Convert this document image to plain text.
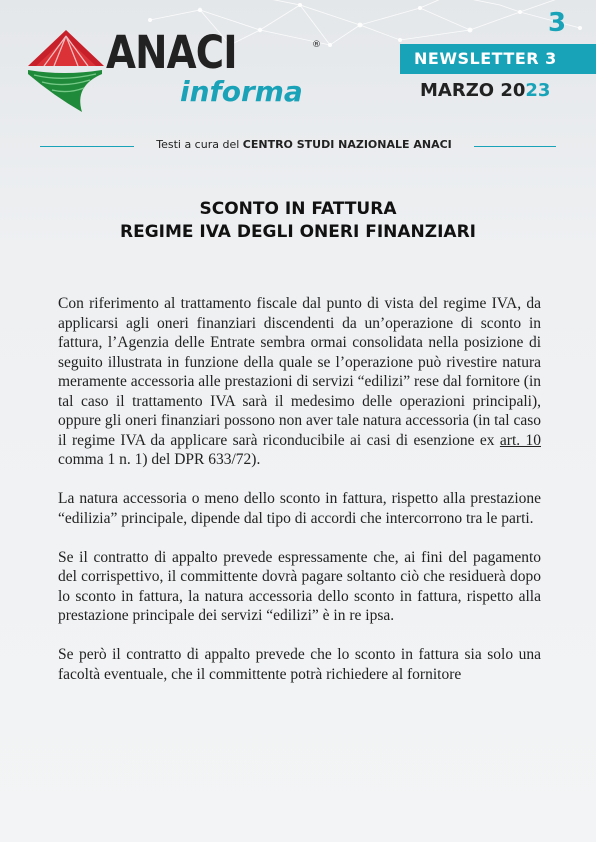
ANACI	®
informa
3
NEWSLETTER 3
MARZO 2023
Testi a cura del CENTRO STUDI NAZIONALE ANACI
SCONTO IN FATTURA
REGIME IVA DEGLI ONERI FINANZIARI

Con riferimento al trattamento fiscale dal punto di vista del regime IVA, da applicarsi agli oneri finanziari discendenti da un’operazione di sconto in fattura, l’Agenzia delle Entrate sembra ormai consolidata nella posizione di seguito illustrata in funzione della quale se l’operazione può rivestire natura meramente accessoria alle prestazioni di servizi “edilizi” rese dal fornitore (in tal caso il trattamento IVA sarà il medesimo delle operazioni principali), oppure gli oneri finanziari possono non aver tale natura accessoria (in tal caso il regime IVA da applicare sarà riconducibile ai casi di esenzione ex art. 10 comma 1 n. 1) del DPR 633/72).

La natura accessoria o meno dello sconto in fattura, rispetto alla prestazione “edilizia” principale, dipende dal tipo di accordi che intercorrono tra le parti.

Se il contratto di appalto prevede espressamente che, ai fini del pagamento del corrispettivo, il committente dovrà pagare soltanto ciò che residuerà dopo lo sconto in fattura, la natura accessoria dello sconto in fattura, rispetto alla prestazione principale dei servizi “edilizi” è in re ipsa.

Se però il contratto di appalto prevede che lo sconto in fattura sia solo una facoltà eventuale, che il committente potrà richiedere al fornitore
